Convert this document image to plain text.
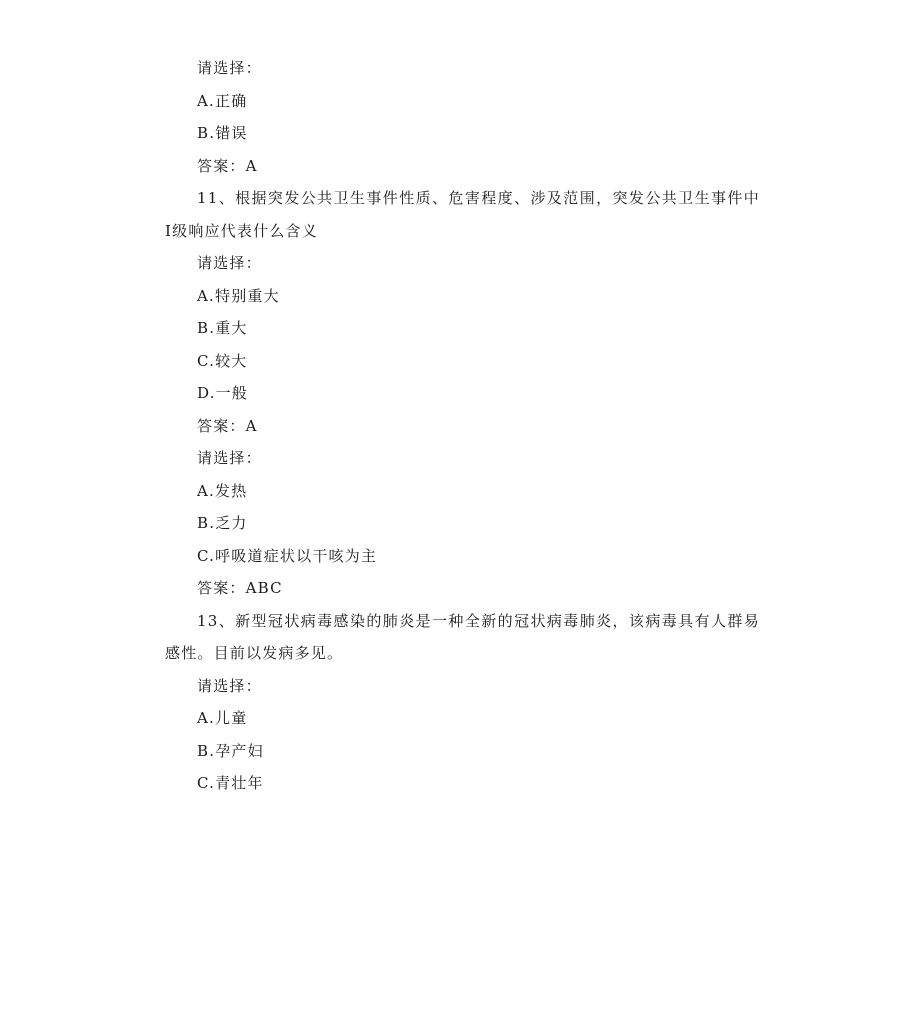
请选择：
A.正确
B.错误
答案：A
11、根据突发公共卫生事件性质、危害程度、涉及范围，突发公共卫生事件中Ⅰ级响应代表什么含义
请选择：
A.特别重大
B.重大
C.较大
D.一般
答案：A
请选择：
A.发热
B.乏力
C.呼吸道症状以干咳为主
答案：ABC
13、新型冠状病毒感染的肺炎是一种全新的冠状病毒肺炎，该病毒具有人群易感性。目前以发病多见。
请选择：
A.儿童
B.孕产妇
C.青壮年
